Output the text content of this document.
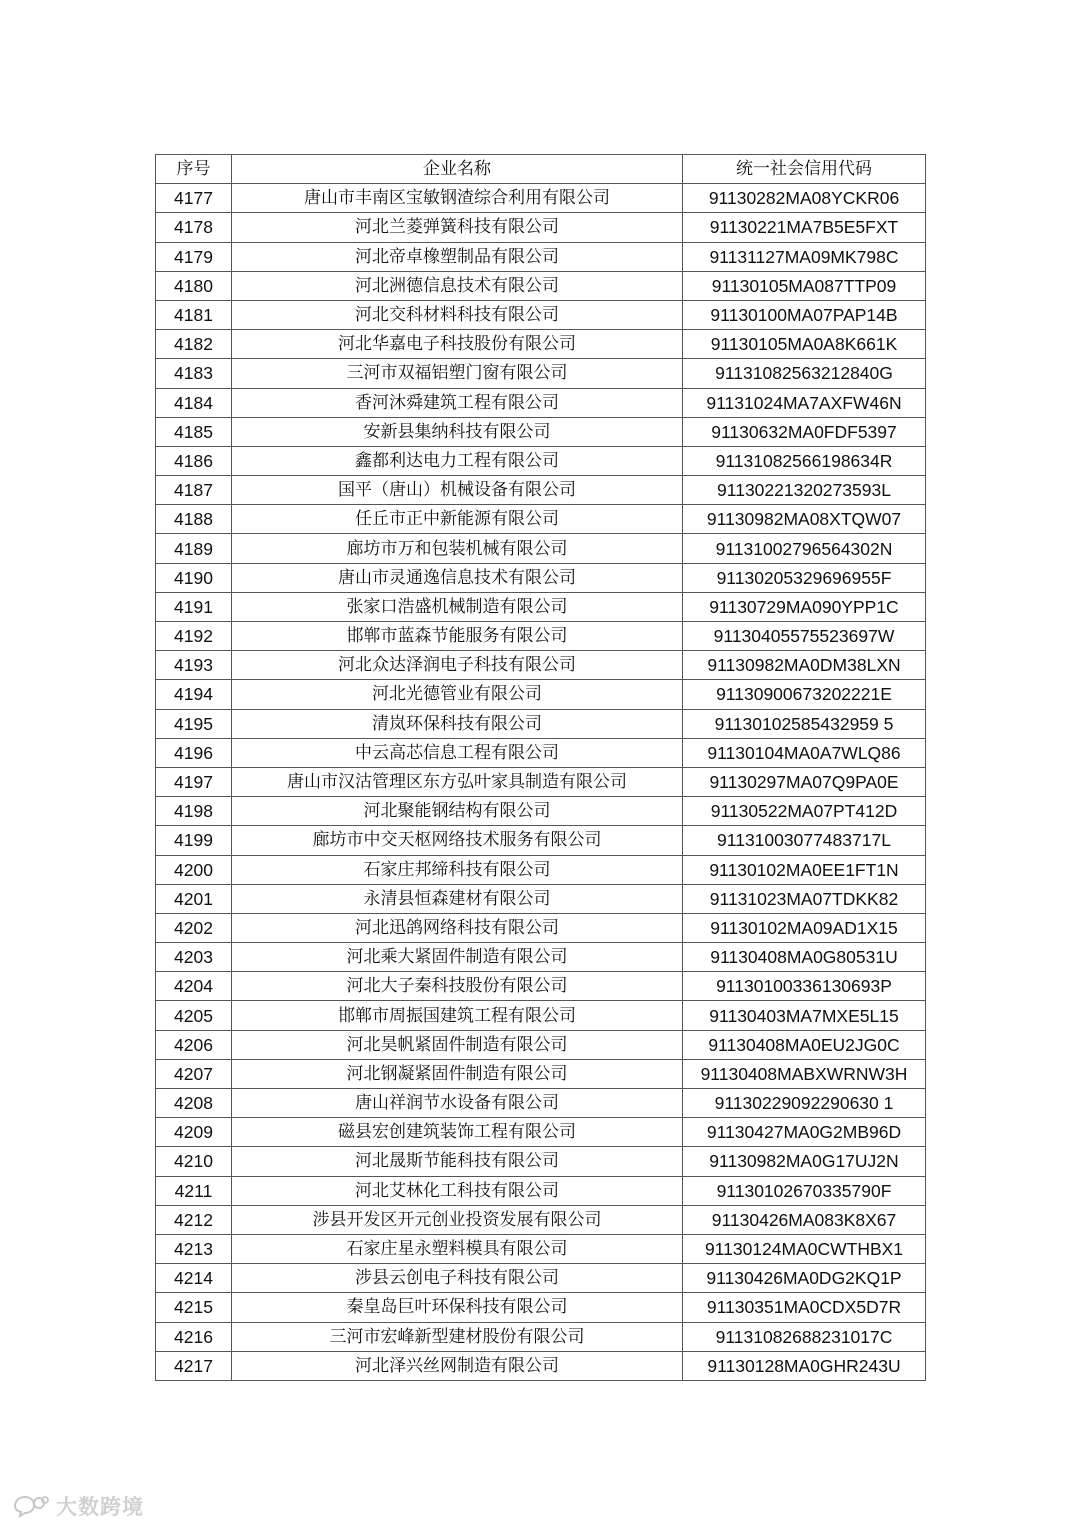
序号	企业名称	统一社会信用代码
4177	唐山市丰南区宝敏钢渣综合利用有限公司	91130282MA08YCKR06
4178	河北兰菱弹簧科技有限公司	91130221MA7B5E5FXT
4179	河北帝卓橡塑制品有限公司	91131127MA09MK798C
4180	河北洲德信息技术有限公司	91130105MA087TTP09
4181	河北交科材料科技有限公司	91130100MA07PAP14B
4182	河北华嘉电子科技股份有限公司	91130105MA0A8K661K
4183	三河市双福铝塑门窗有限公司	91131082563212840G
4184	香河沐舜建筑工程有限公司	91131024MA7AXFW46N
4185	安新县集纳科技有限公司	91130632MA0FDF5397
4186	鑫都利达电力工程有限公司	91131082566198634R
4187	国平（唐山）机械设备有限公司	91130221320273593L
4188	任丘市正中新能源有限公司	91130982MA08XTQW07
4189	廊坊市万和包装机械有限公司	91131002796564302N
4190	唐山市灵通逸信息技术有限公司	91130205329696955F
4191	张家口浩盛机械制造有限公司	91130729MA090YPP1C
4192	邯郸市蓝森节能服务有限公司	91130405575523697W
4193	河北众达泽润电子科技有限公司	91130982MA0DM38LXN
4194	河北光德管业有限公司	91130900673202221E
4195	清岚环保科技有限公司	91130102585432959 5
4196	中云高芯信息工程有限公司	91130104MA0A7WLQ86
4197	唐山市汉沽管理区东方弘叶家具制造有限公司	91130297MA07Q9PA0E
4198	河北聚能钢结构有限公司	91130522MA07PT412D
4199	廊坊市中交天枢网络技术服务有限公司	91131003077483717L
4200	石家庄邦缔科技有限公司	91130102MA0EE1FT1N
4201	永清县恒森建材有限公司	91131023MA07TDKK82
4202	河北迅鸽网络科技有限公司	91130102MA09AD1X15
4203	河北乘大紧固件制造有限公司	91130408MA0G80531U
4204	河北大子秦科技股份有限公司	91130100336130693P
4205	邯郸市周振国建筑工程有限公司	91130403MA7MXE5L15
4206	河北昊帆紧固件制造有限公司	91130408MA0EU2JG0C
4207	河北钢凝紧固件制造有限公司	91130408MABXWRNW3H
4208	唐山祥润节水设备有限公司	91130229092290630 1
4209	磁县宏创建筑装饰工程有限公司	91130427MA0G2MB96D
4210	河北晟斯节能科技有限公司	91130982MA0G17UJ2N
4211	河北艾林化工科技有限公司	91130102670335790F
4212	涉县开发区开元创业投资发展有限公司	91130426MA083K8X67
4213	石家庄星永塑料模具有限公司	91130124MA0CWTHBX1
4214	涉县云创电子科技有限公司	91130426MA0DG2KQ1P
4215	秦皇岛巨叶环保科技有限公司	91130351MA0CDX5D7R
4216	三河市宏峰新型建材股份有限公司	91131082688231017C
4217	河北泽兴丝网制造有限公司	91130128MA0GHR243U
大数跨境
